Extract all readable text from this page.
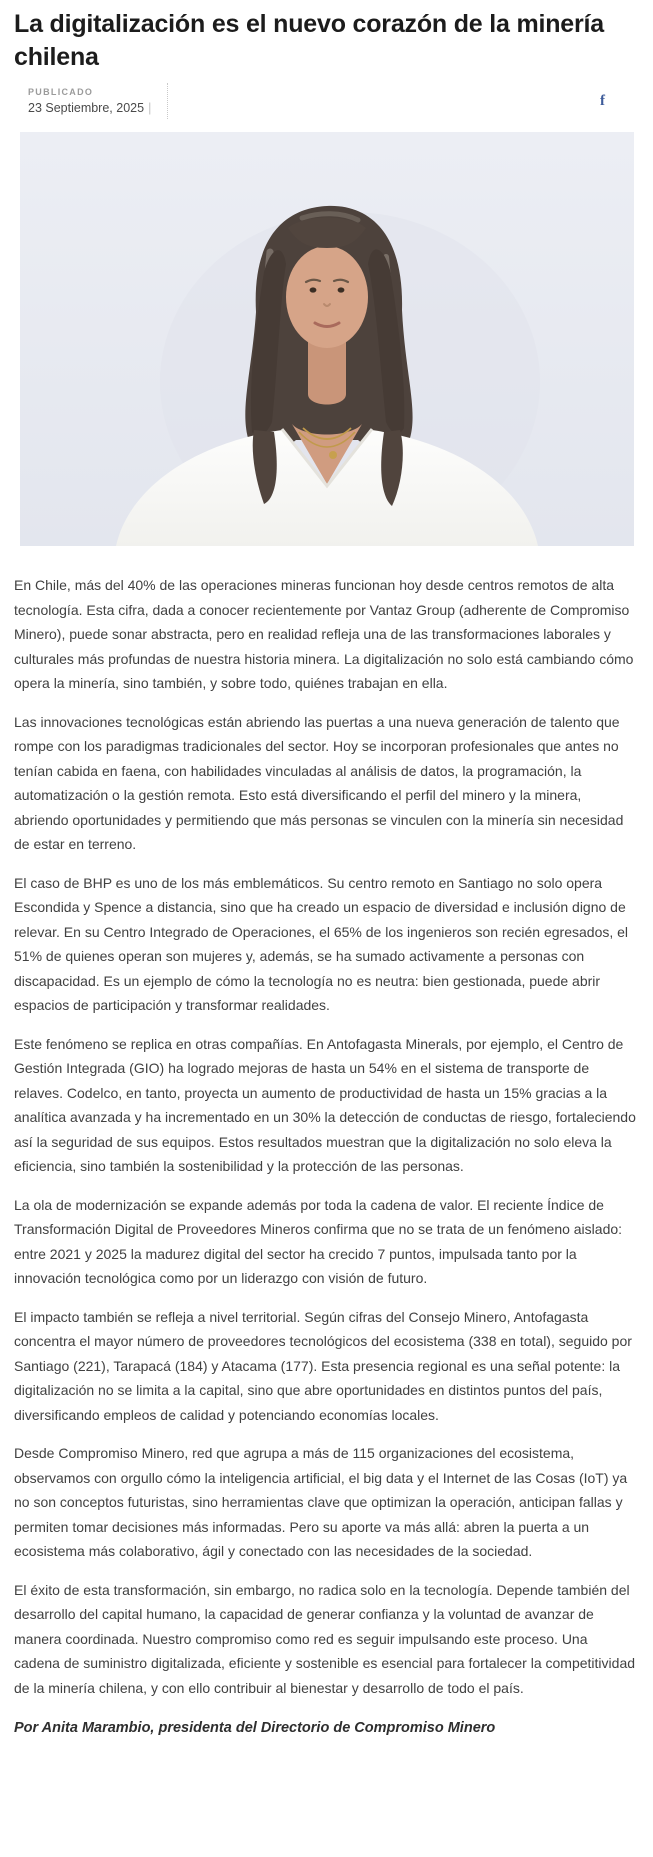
La digitalización es el nuevo corazón de la minería chilena
PUBLICADO
23 Septiembre, 2025 |	f

En Chile, más del 40% de las operaciones mineras funcionan hoy desde centros remotos de alta tecnología. Esta cifra, dada a conocer recientemente por Vantaz Group (adherente de Compromiso Minero), puede sonar abstracta, pero en realidad refleja una de las transformaciones laborales y culturales más profundas de nuestra historia minera. La digitalización no solo está cambiando cómo opera la minería, sino también, y sobre todo, quiénes trabajan en ella.

Las innovaciones tecnológicas están abriendo las puertas a una nueva generación de talento que rompe con los paradigmas tradicionales del sector. Hoy se incorporan profesionales que antes no tenían cabida en faena, con habilidades vinculadas al análisis de datos, la programación, la automatización o la gestión remota. Esto está diversificando el perfil del minero y la minera, abriendo oportunidades y permitiendo que más personas se vinculen con la minería sin necesidad de estar en terreno.

El caso de BHP es uno de los más emblemáticos. Su centro remoto en Santiago no solo opera Escondida y Spence a distancia, sino que ha creado un espacio de diversidad e inclusión digno de relevar. En su Centro Integrado de Operaciones, el 65% de los ingenieros son recién egresados, el 51% de quienes operan son mujeres y, además, se ha sumado activamente a personas con discapacidad. Es un ejemplo de cómo la tecnología no es neutra: bien gestionada, puede abrir espacios de participación y transformar realidades.

Este fenómeno se replica en otras compañías. En Antofagasta Minerals, por ejemplo, el Centro de Gestión Integrada (GIO) ha logrado mejoras de hasta un 54% en el sistema de transporte de relaves. Codelco, en tanto, proyecta un aumento de productividad de hasta un 15% gracias a la analítica avanzada y ha incrementado en un 30% la detección de conductas de riesgo, fortaleciendo así la seguridad de sus equipos. Estos resultados muestran que la digitalización no solo eleva la eficiencia, sino también la sostenibilidad y la protección de las personas.

La ola de modernización se expande además por toda la cadena de valor. El reciente Índice de Transformación Digital de Proveedores Mineros confirma que no se trata de un fenómeno aislado: entre 2021 y 2025 la madurez digital del sector ha crecido 7 puntos, impulsada tanto por la innovación tecnológica como por un liderazgo con visión de futuro.

El impacto también se refleja a nivel territorial. Según cifras del Consejo Minero, Antofagasta concentra el mayor número de proveedores tecnológicos del ecosistema (338 en total), seguido por Santiago (221), Tarapacá (184) y Atacama (177). Esta presencia regional es una señal potente: la digitalización no se limita a la capital, sino que abre oportunidades en distintos puntos del país, diversificando empleos de calidad y potenciando economías locales.

Desde Compromiso Minero, red que agrupa a más de 115 organizaciones del ecosistema, observamos con orgullo cómo la inteligencia artificial, el big data y el Internet de las Cosas (IoT) ya no son conceptos futuristas, sino herramientas clave que optimizan la operación, anticipan fallas y permiten tomar decisiones más informadas. Pero su aporte va más allá: abren la puerta a un ecosistema más colaborativo, ágil y conectado con las necesidades de la sociedad.

El éxito de esta transformación, sin embargo, no radica solo en la tecnología. Depende también del desarrollo del capital humano, la capacidad de generar confianza y la voluntad de avanzar de manera coordinada. Nuestro compromiso como red es seguir impulsando este proceso. Una cadena de suministro digitalizada, eficiente y sostenible es esencial para fortalecer la competitividad de la minería chilena, y con ello contribuir al bienestar y desarrollo de todo el país.

Por Anita Marambio, presidenta del Directorio de Compromiso Minero
